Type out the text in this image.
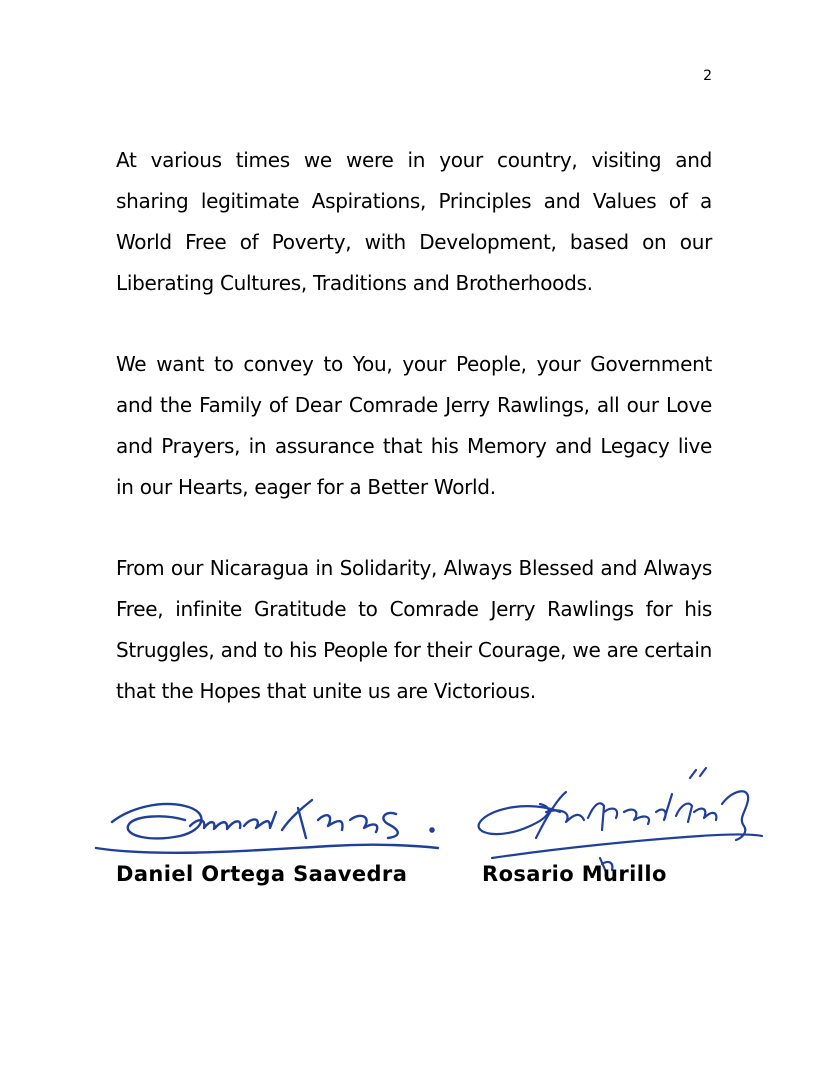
2

At various times we were in your country, visiting and sharing legitimate Aspirations, Principles and Values of a World Free of Poverty, with Development, based on our Liberating Cultures, Traditions and Brotherhoods.

We want to convey to You, your People, your Government and the Family of Dear Comrade Jerry Rawlings, all our Love and Prayers, in assurance that his Memory and Legacy live in our Hearts, eager for a Better World.

From our Nicaragua in Solidarity, Always Blessed and Always Free, infinite Gratitude to Comrade Jerry Rawlings for his Struggles, and to his People for their Courage, we are certain that the Hopes that unite us are Victorious.

Daniel Ortega Saavedra	Rosario Murillo
